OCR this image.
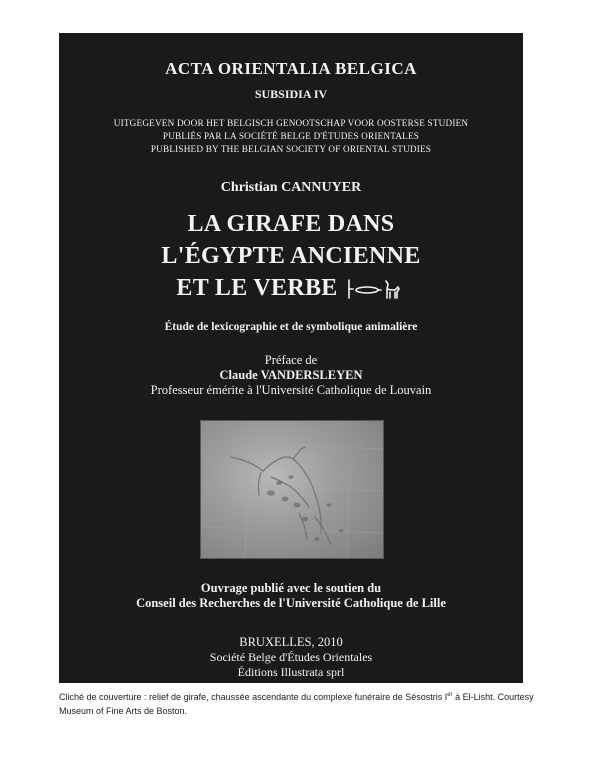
ACTA ORIENTALIA BELGICA
SUBSIDIA IV
UITGEGEVEN DOOR HET BELGISCH GENOOTSCHAP VOOR OOSTERSE STUDIEN
PUBLIÉS PAR LA SOCIÉTÉ BELGE D'ÉTUDES ORIENTALES
PUBLISHED BY THE BELGIAN SOCIETY OF ORIENTAL STUDIES
Christian CANNUYER
LA GIRAFE DANS
L'ÉGYPTE ANCIENNE
ET LE VERBE
Étude de lexicographie et de symbolique animalière
Préface de
Claude VANDERSLEYEN
Professeur émérite à l'Université Catholique de Louvain
Ouvrage publié avec le soutien du
Conseil des Recherches de l'Université Catholique de Lille
BRUXELLES, 2010
Société Belge d'Études Orientales
Éditions Illustrata sprl
Cliché de couverture : relief de girafe, chaussée ascendante du complexe funéraire de Sésostris Ier à El-Lisht. Courtesy Museum of Fine Arts de Boston.
